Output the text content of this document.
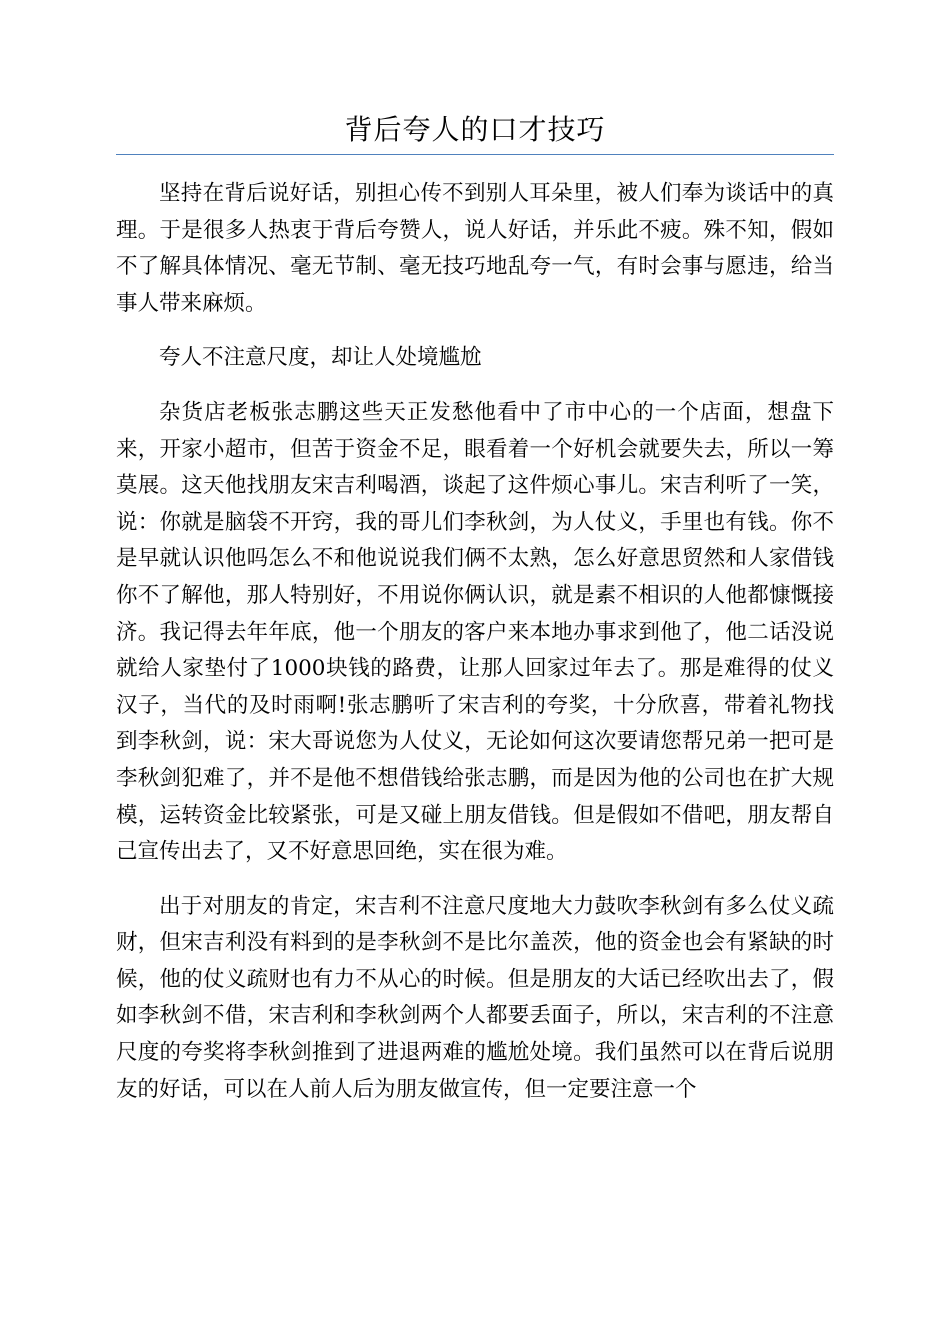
背后夸人的口才技巧

坚持在背后说好话，别担心传不到别人耳朵里，被人们奉为谈话中的真理。于是很多人热衷于背后夸赞人，说人好话，并乐此不疲。殊不知，假如不了解具体情况、毫无节制、毫无技巧地乱夸一气，有时会事与愿违，给当事人带来麻烦。

夸人不注意尺度，却让人处境尴尬

杂货店老板张志鹏这些天正发愁他看中了市中心的一个店面，想盘下来，开家小超市，但苦于资金不足，眼看着一个好机会就要失去，所以一筹莫展。这天他找朋友宋吉利喝酒，谈起了这件烦心事儿。宋吉利听了一笑，说：你就是脑袋不开窍，我的哥儿们李秋剑，为人仗义，手里也有钱。你不是早就认识他吗怎么不和他说说我们俩不太熟，怎么好意思贸然和人家借钱你不了解他，那人特别好，不用说你俩认识，就是素不相识的人他都慷慨接济。我记得去年年底，他一个朋友的客户来本地办事求到他了，他二话没说就给人家垫付了1000块钱的路费，让那人回家过年去了。那是难得的仗义汉子，当代的及时雨啊!张志鹏听了宋吉利的夸奖，十分欣喜，带着礼物找到李秋剑，说：宋大哥说您为人仗义，无论如何这次要请您帮兄弟一把可是李秋剑犯难了，并不是他不想借钱给张志鹏，而是因为他的公司也在扩大规模，运转资金比较紧张，可是又碰上朋友借钱。但是假如不借吧，朋友帮自己宣传出去了，又不好意思回绝，实在很为难。

出于对朋友的肯定，宋吉利不注意尺度地大力鼓吹李秋剑有多么仗义疏财，但宋吉利没有料到的是李秋剑不是比尔盖茨，他的资金也会有紧缺的时候，他的仗义疏财也有力不从心的时候。但是朋友的大话已经吹出去了，假如李秋剑不借，宋吉利和李秋剑两个人都要丢面子，所以，宋吉利的不注意尺度的夸奖将李秋剑推到了进退两难的尴尬处境。我们虽然可以在背后说朋友的好话，可以在人前人后为朋友做宣传，但一定要注意一个
